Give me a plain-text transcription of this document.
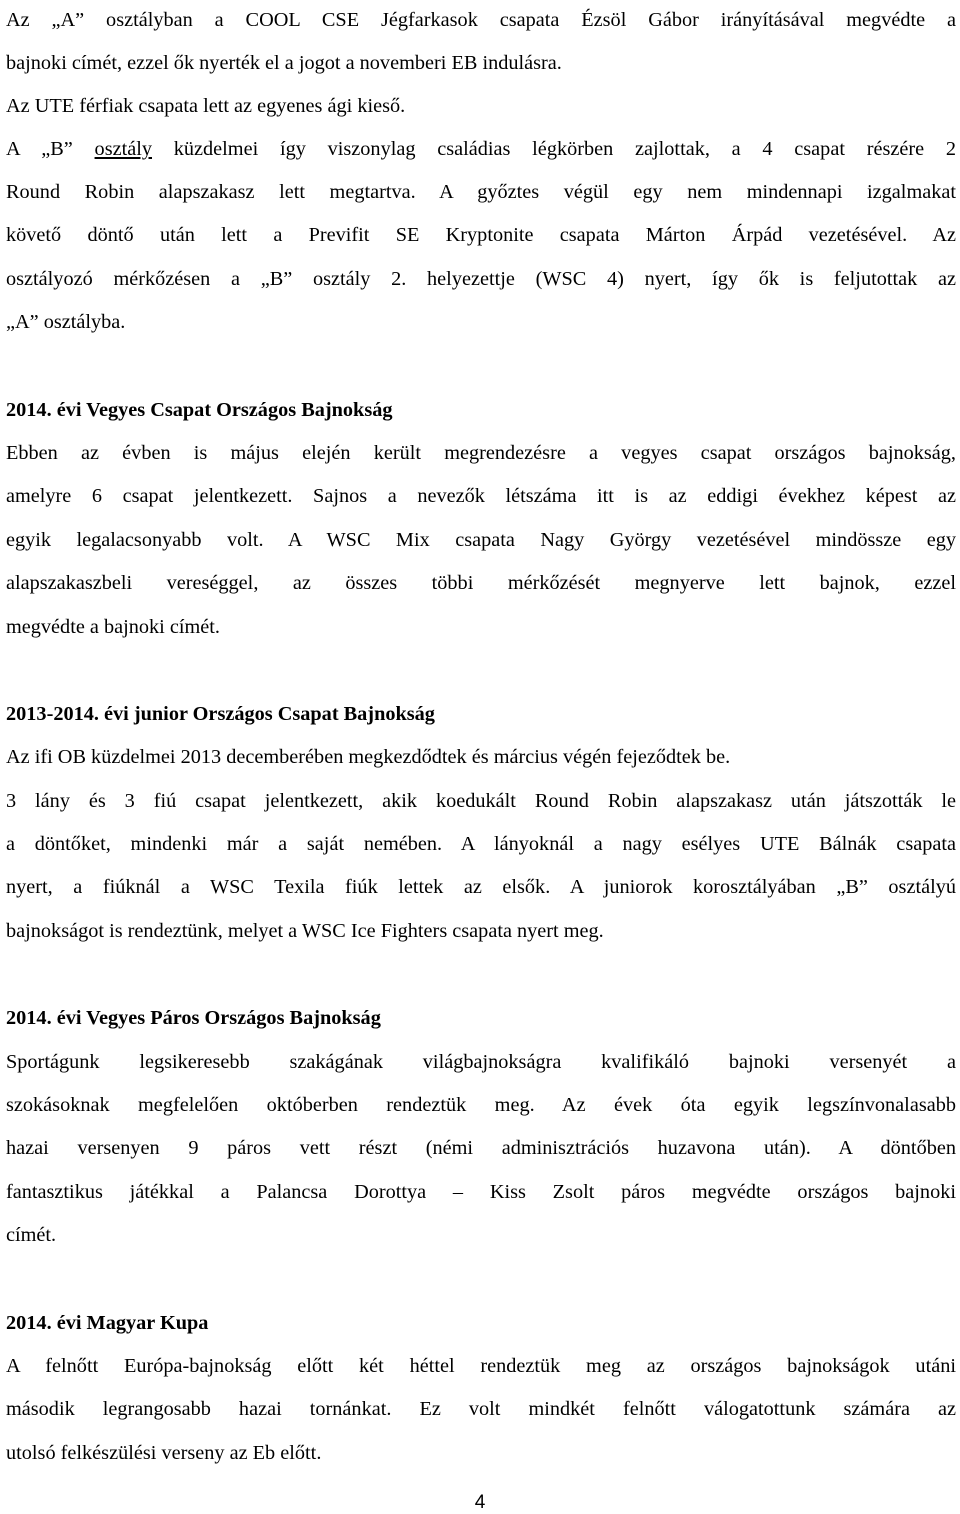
Az „A” osztályban a COOL CSE Jégfarkasok csapata Ézsöl Gábor irányításával megvédte a
bajnoki címét, ezzel ők nyerték el a jogot a novemberi EB indulásra.
Az UTE férfiak csapata lett az egyenes ági kieső.
A „B” osztály küzdelmei így viszonylag családias légkörben zajlottak, a 4 csapat részére 2
Round Robin alapszakasz lett megtartva. A győztes végül egy nem mindennapi izgalmakat
követő döntő után lett a Previfit SE Kryptonite csapata Márton Árpád vezetésével. Az
osztályozó mérkőzésen a „B” osztály 2. helyezettje (WSC 4) nyert, így ők is feljutottak az
„A” osztályba.
2014. évi Vegyes Csapat Országos Bajnokság
Ebben az évben is május elején került megrendezésre a vegyes csapat országos bajnokság,
amelyre 6 csapat jelentkezett. Sajnos a nevezők létszáma itt is az eddigi évekhez képest az
egyik legalacsonyabb volt. A WSC Mix csapata Nagy György vezetésével mindössze egy
alapszakaszbeli vereséggel, az összes többi mérkőzését megnyerve lett bajnok, ezzel
megvédte a bajnoki címét.
2013-2014. évi junior Országos Csapat Bajnokság
Az ifi OB küzdelmei 2013 decemberében megkezdődtek és március végén fejeződtek be.
3 lány és 3 fiú csapat jelentkezett, akik koedukált Round Robin alapszakasz után játszották le
a döntőket, mindenki már a saját nemében. A lányoknál a nagy esélyes UTE Bálnák csapata
nyert, a fiúknál a WSC Texila fiúk lettek az elsők. A juniorok korosztályában „B” osztályú
bajnokságot is rendeztünk, melyet a WSC Ice Fighters csapata nyert meg.
2014. évi Vegyes Páros Országos Bajnokság
Sportágunk legsikeresebb szakágának világbajnokságra kvalifikáló bajnoki versenyét a
szokásoknak megfelelően októberben rendeztük meg. Az évek óta egyik legszínvonalasabb
hazai versenyen 9 páros vett részt (némi adminisztrációs huzavona után). A döntőben
fantasztikus játékkal a Palancsa Dorottya – Kiss Zsolt páros megvédte országos bajnoki
címét.
2014. évi Magyar Kupa
A felnőtt Európa-bajnokság előtt két héttel rendeztük meg az országos bajnokságok utáni
második legrangosabb hazai tornánkat. Ez volt mindkét felnőtt válogatottunk számára az
utolsó felkészülési verseny az Eb előtt.
4
